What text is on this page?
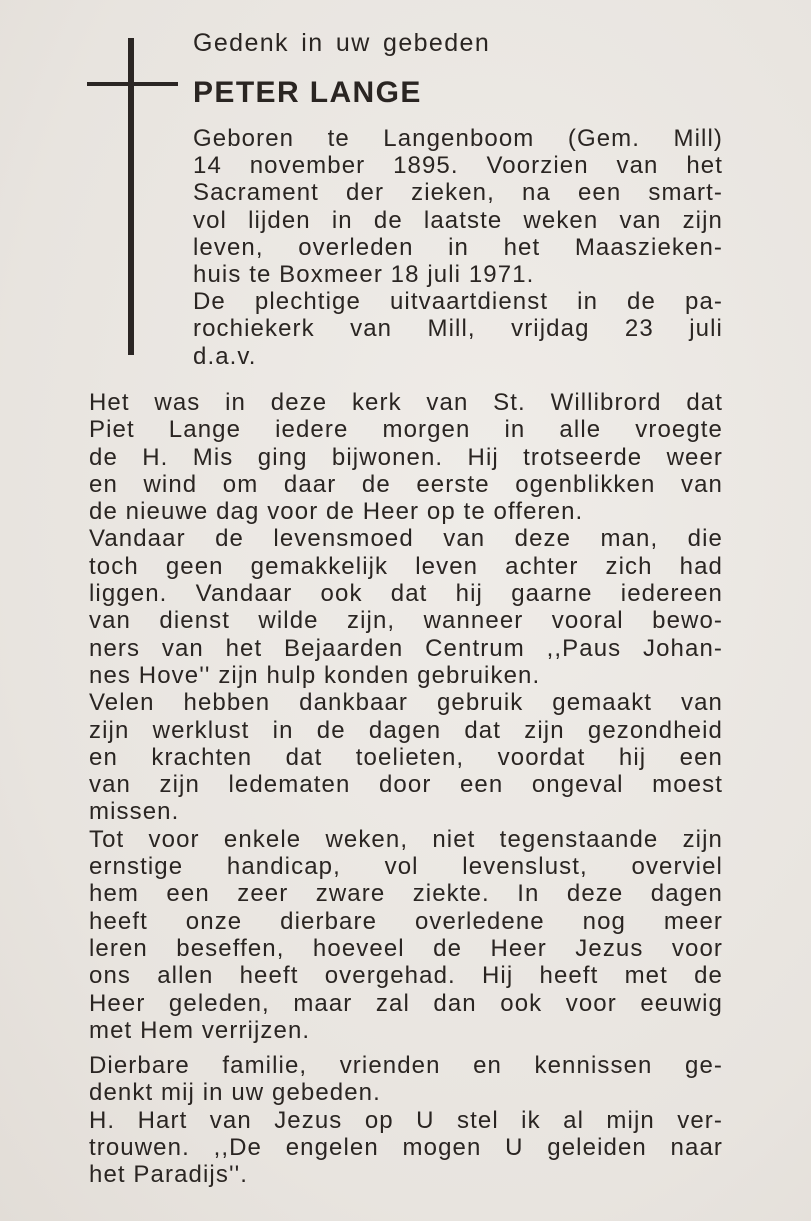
Gedenk in uw gebeden
PETER LANGE
Geboren te Langenboom (Gem. Mill)
14 november 1895. Voorzien van het
Sacrament der zieken, na een smart-
vol lijden in de laatste weken van zijn
leven, overleden in het Maaszieken-
huis te Boxmeer 18 juli 1971.
De plechtige uitvaartdienst in de pa-
rochiekerk van Mill, vrijdag 23 juli
d.a.v.
Het was in deze kerk van St. Willibrord dat
Piet Lange iedere morgen in alle vroegte
de H. Mis ging bijwonen. Hij trotseerde weer
en wind om daar de eerste ogenblikken van
de nieuwe dag voor de Heer op te offeren.
Vandaar de levensmoed van deze man, die
toch geen gemakkelijk leven achter zich had
liggen. Vandaar ook dat hij gaarne iedereen
van dienst wilde zijn, wanneer vooral bewo-
ners van het Bejaarden Centrum ,,Paus Johan-
nes Hove'' zijn hulp konden gebruiken.
Velen hebben dankbaar gebruik gemaakt van
zijn werklust in de dagen dat zijn gezondheid
en krachten dat toelieten, voordat hij een
van zijn ledematen door een ongeval moest
missen.
Tot voor enkele weken, niet tegenstaande zijn
ernstige handicap, vol levenslust, overviel
hem een zeer zware ziekte. In deze dagen
heeft onze dierbare overledene nog meer
leren beseffen, hoeveel de Heer Jezus voor
ons allen heeft overgehad. Hij heeft met de
Heer geleden, maar zal dan ook voor eeuwig
met Hem verrijzen.
Dierbare familie, vrienden en kennissen ge-
denkt mij in uw gebeden.
H. Hart van Jezus op U stel ik al mijn ver-
trouwen. ,,De engelen mogen U geleiden naar
het Paradijs''.
